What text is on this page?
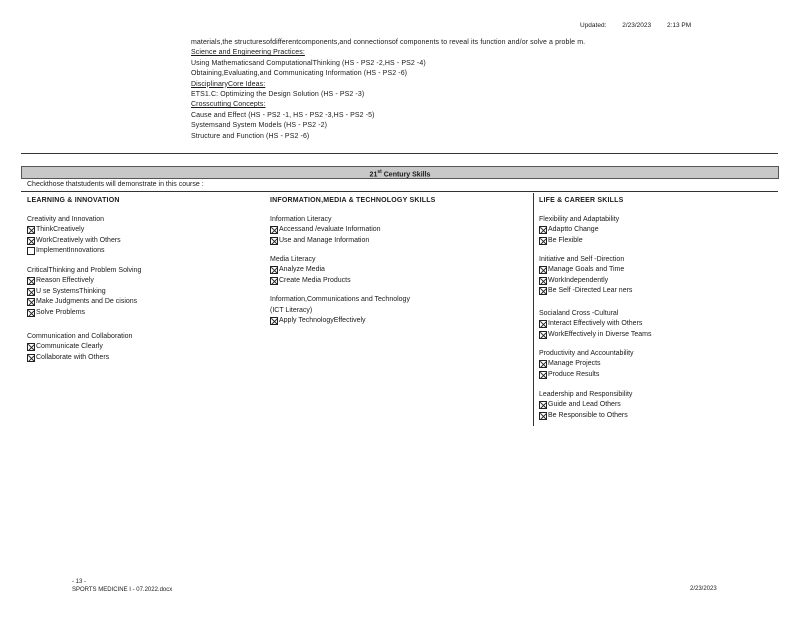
Updated: 2/23/2023 2:13 PM
materials,the structuresofdifferentcomponents,and connectionsof components to reveal its function and/or solve a proble m.
Science and Engineering Practices:
Using Mathematicsand ComputationalThinking (HS - PS2 -2,HS - PS2 -4)
Obtaining,Evaluating,and Communicating Information (HS - PS2 -6)
DisciplinaryCore Ideas:
ETS1.C: Optimizing the Design Solution (HS - PS2 -3)
Crosscutting Concepts:
Cause and Effect (HS - PS2 -1, HS - PS2 -3,HS - PS2 -5)
Systemsand System Models (HS - PS2 -2)
Structure and Function (HS - PS2 -6)
21st Century Skills
Checkthose thatstudents will demonstrate in this course :
LEARNING & INNOVATION	INFORMATION,MEDIA & TECHNOLOGY SKILLS	LIFE & CAREER SKILLS
Creativity and Innovation
ThinkCreatively
WorkCreatively with Others
ImplementInnovations
CriticalThinking and Problem Solving
Reason Effectively
U se SystemsThinking
Make Judgments and De cisions
Solve Problems
Communication and Collaboration
Communicate Clearly
Collaborate with Others
Information Literacy
Accessand /evaluate Information
Use and Manage Information
Media Literacy
Analyze Media
Create Media Products
Information,Communications and Technology
(ICT Literacy)
Apply TechnologyEffectively
Flexibility and Adaptability
Adaptto Change
Be Flexible
Initiative and Self -Direction
Manage Goals and Time
WorkIndependently
Be Self -Directed Lear ners
Socialand Cross -Cultural
Interact Effectively with Others
WorkEffectively in Diverse Teams
Productivity and Accountability
Manage Projects
Produce Results
Leadership and Responsibility
Guide and Lead Others
Be Responsible to Others
- 13 -
SPORTS MEDICINE I - 07.2022.docx	2/23/2023
